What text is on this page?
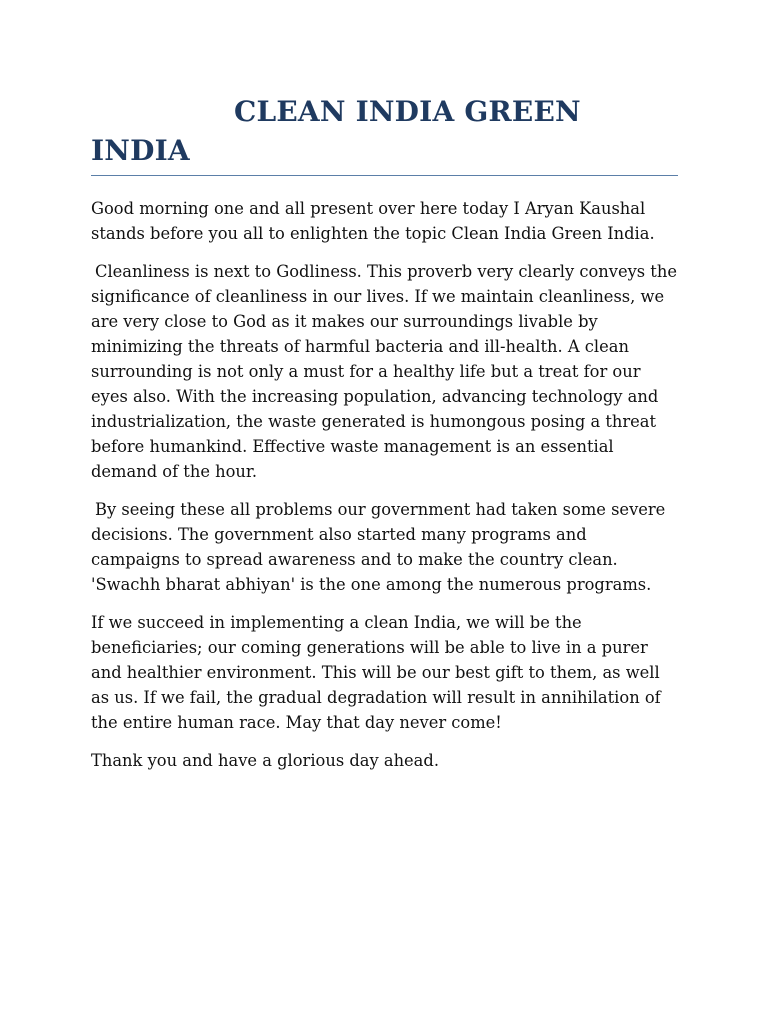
CLEAN INDIA GREEN
INDIA

Good morning one and all present over here today I Aryan Kaushal stands before you all to enlighten the topic Clean India Green India.

Cleanliness is next to Godliness. This proverb very clearly conveys the significance of cleanliness in our lives. If we maintain cleanliness, we are very close to God as it makes our surroundings livable by minimizing the threats of harmful bacteria and ill-health. A clean surrounding is not only a must for a healthy life but a treat for our eyes also. With the increasing population, advancing technology and industrialization, the waste generated is humongous posing a threat before humankind. Effective waste management is an essential demand of the hour.

By seeing these all problems our government had taken some severe decisions. The government also started many programs and campaigns to spread awareness and to make the country clean. 'Swachh bharat abhiyan' is the one among the numerous programs.

If we succeed in implementing a clean India, we will be the beneficiaries; our coming generations will be able to live in a purer and healthier environment. This will be our best gift to them, as well as us. If we fail, the gradual degradation will result in annihilation of the entire human race. May that day never come!

Thank you and have a glorious day ahead.
